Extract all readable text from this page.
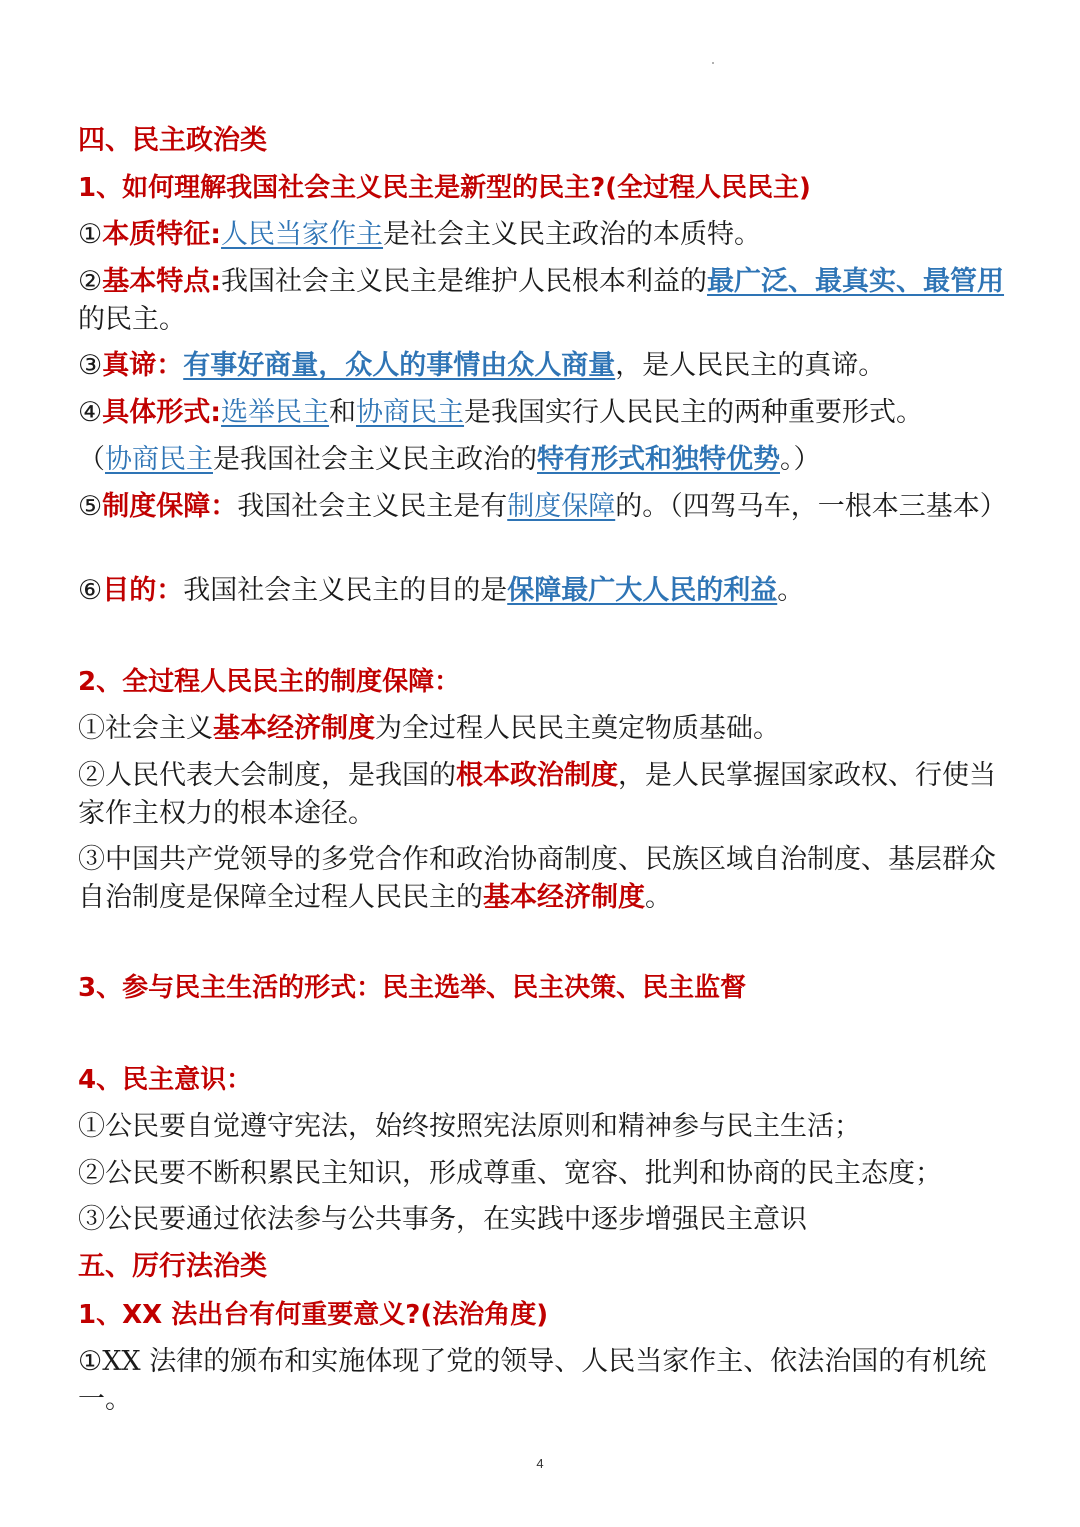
四、民主政治类
1、如何理解我国社会主义民主是新型的民主?(全过程人民民主)
①本质特征:人民当家作主是社会主义民主政治的本质特。
②基本特点:我国社会主义民主是维护人民根本利益的最广泛、最真实、最管用的民主。
③真谛：有事好商量，众人的事情由众人商量，是人民民主的真谛。
④具体形式:选举民主和协商民主是我国实行人民民主的两种重要形式。
（协商民主是我国社会主义民主政治的特有形式和独特优势。）
⑤制度保障：我国社会主义民主是有制度保障的。（四驾马车，一根本三基本）
⑥目的：我国社会主义民主的目的是保障最广大人民的利益。
2、全过程人民民主的制度保障：
①社会主义基本经济制度为全过程人民民主奠定物质基础。
②人民代表大会制度，是我国的根本政治制度，是人民掌握国家政权、行使当家作主权力的根本途径。
③中国共产党领导的多党合作和政治协商制度、民族区域自治制度、基层群众自治制度是保障全过程人民民主的基本经济制度。
3、参与民主生活的形式：民主选举、民主决策、民主监督
4、民主意识：
①公民要自觉遵守宪法，始终按照宪法原则和精神参与民主生活；
②公民要不断积累民主知识，形成尊重、宽容、批判和协商的民主态度；
③公民要通过依法参与公共事务，在实践中逐步增强民主意识
五、厉行法治类
1、XX 法出台有何重要意义?(法治角度)
①XX 法律的颁布和实施体现了党的领导、人民当家作主、依法治国的有机统一。
4
